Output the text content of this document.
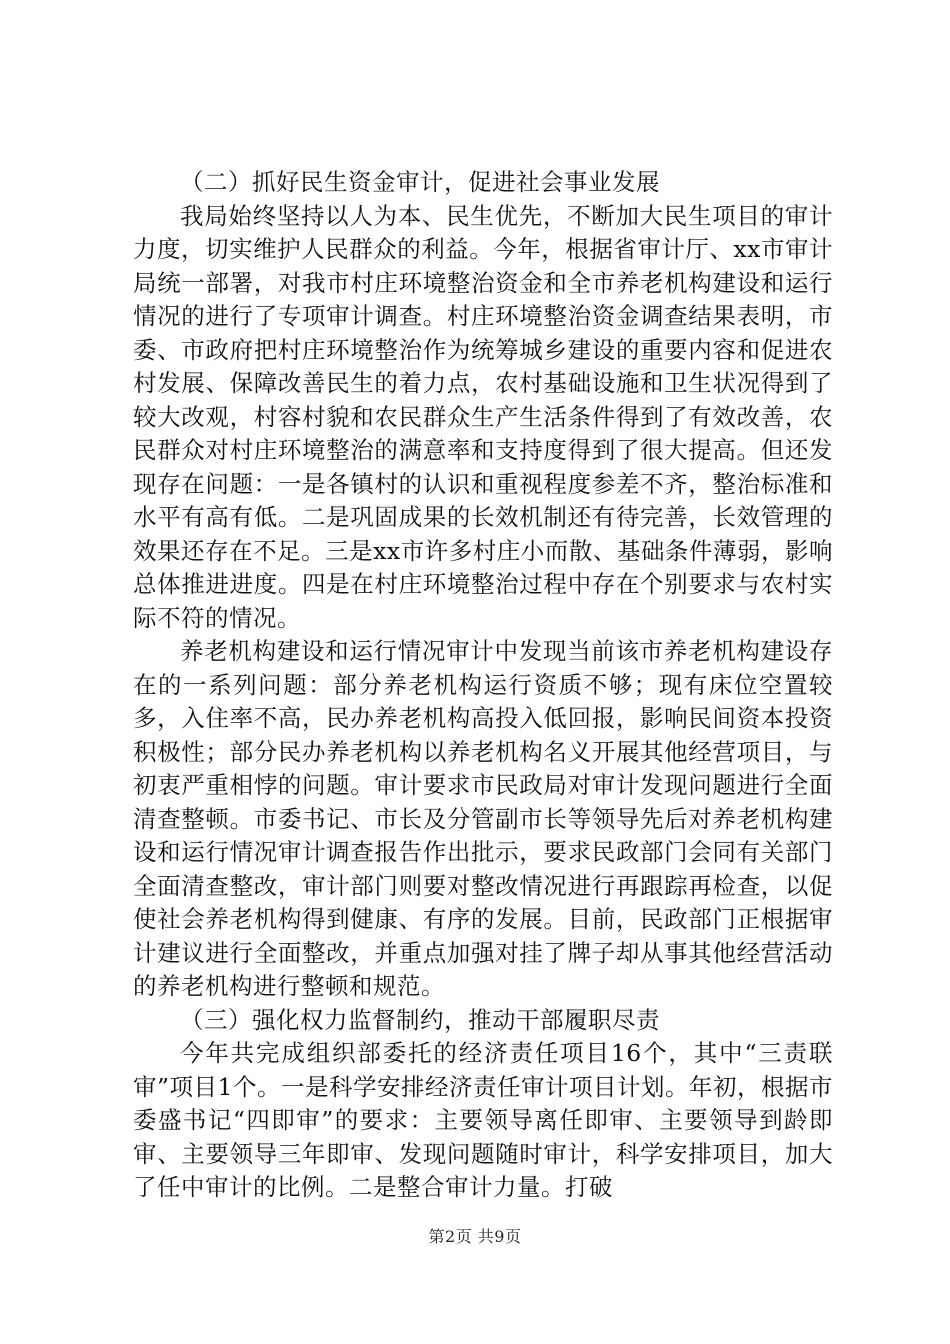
（二）抓好民生资金审计，促进社会事业发展

我局始终坚持以人为本、民生优先，不断加大民生项目的审计力度，切实维护人民群众的利益。今年，根据省审计厅、xx市审计局统一部署，对我市村庄环境整治资金和全市养老机构建设和运行情况的进行了专项审计调查。村庄环境整治资金调查结果表明，市委、市政府把村庄环境整治作为统筹城乡建设的重要内容和促进农村发展、保障改善民生的着力点，农村基础设施和卫生状况得到了较大改观，村容村貌和农民群众生产生活条件得到了有效改善，农民群众对村庄环境整治的满意率和支持度得到了很大提高。但还发现存在问题：一是各镇村的认识和重视程度参差不齐，整治标准和水平有高有低。二是巩固成果的长效机制还有待完善，长效管理的效果还存在不足。三是xx市许多村庄小而散、基础条件薄弱，影响总体推进进度。四是在村庄环境整治过程中存在个别要求与农村实际不符的情况。

养老机构建设和运行情况审计中发现当前该市养老机构建设存在的一系列问题：部分养老机构运行资质不够；现有床位空置较多，入住率不高，民办养老机构高投入低回报，影响民间资本投资积极性；部分民办养老机构以养老机构名义开展其他经营项目，与初衷严重相悖的问题。审计要求市民政局对审计发现问题进行全面清查整顿。市委书记、市长及分管副市长等领导先后对养老机构建设和运行情况审计调查报告作出批示，要求民政部门会同有关部门全面清查整改，审计部门则要对整改情况进行再跟踪再检查，以促使社会养老机构得到健康、有序的发展。目前，民政部门正根据审计建议进行全面整改，并重点加强对挂了牌子却从事其他经营活动的养老机构进行整顿和规范。

（三）强化权力监督制约，推动干部履职尽责

今年共完成组织部委托的经济责任项目16个，其中“三责联审”项目1个。一是科学安排经济责任审计项目计划。年初，根据市委盛书记“四即审”的要求：主要领导离任即审、主要领导到龄即审、主要领导三年即审、发现问题随时审计，科学安排项目，加大了任中审计的比例。二是整合审计力量。打破

第2页 共9页
